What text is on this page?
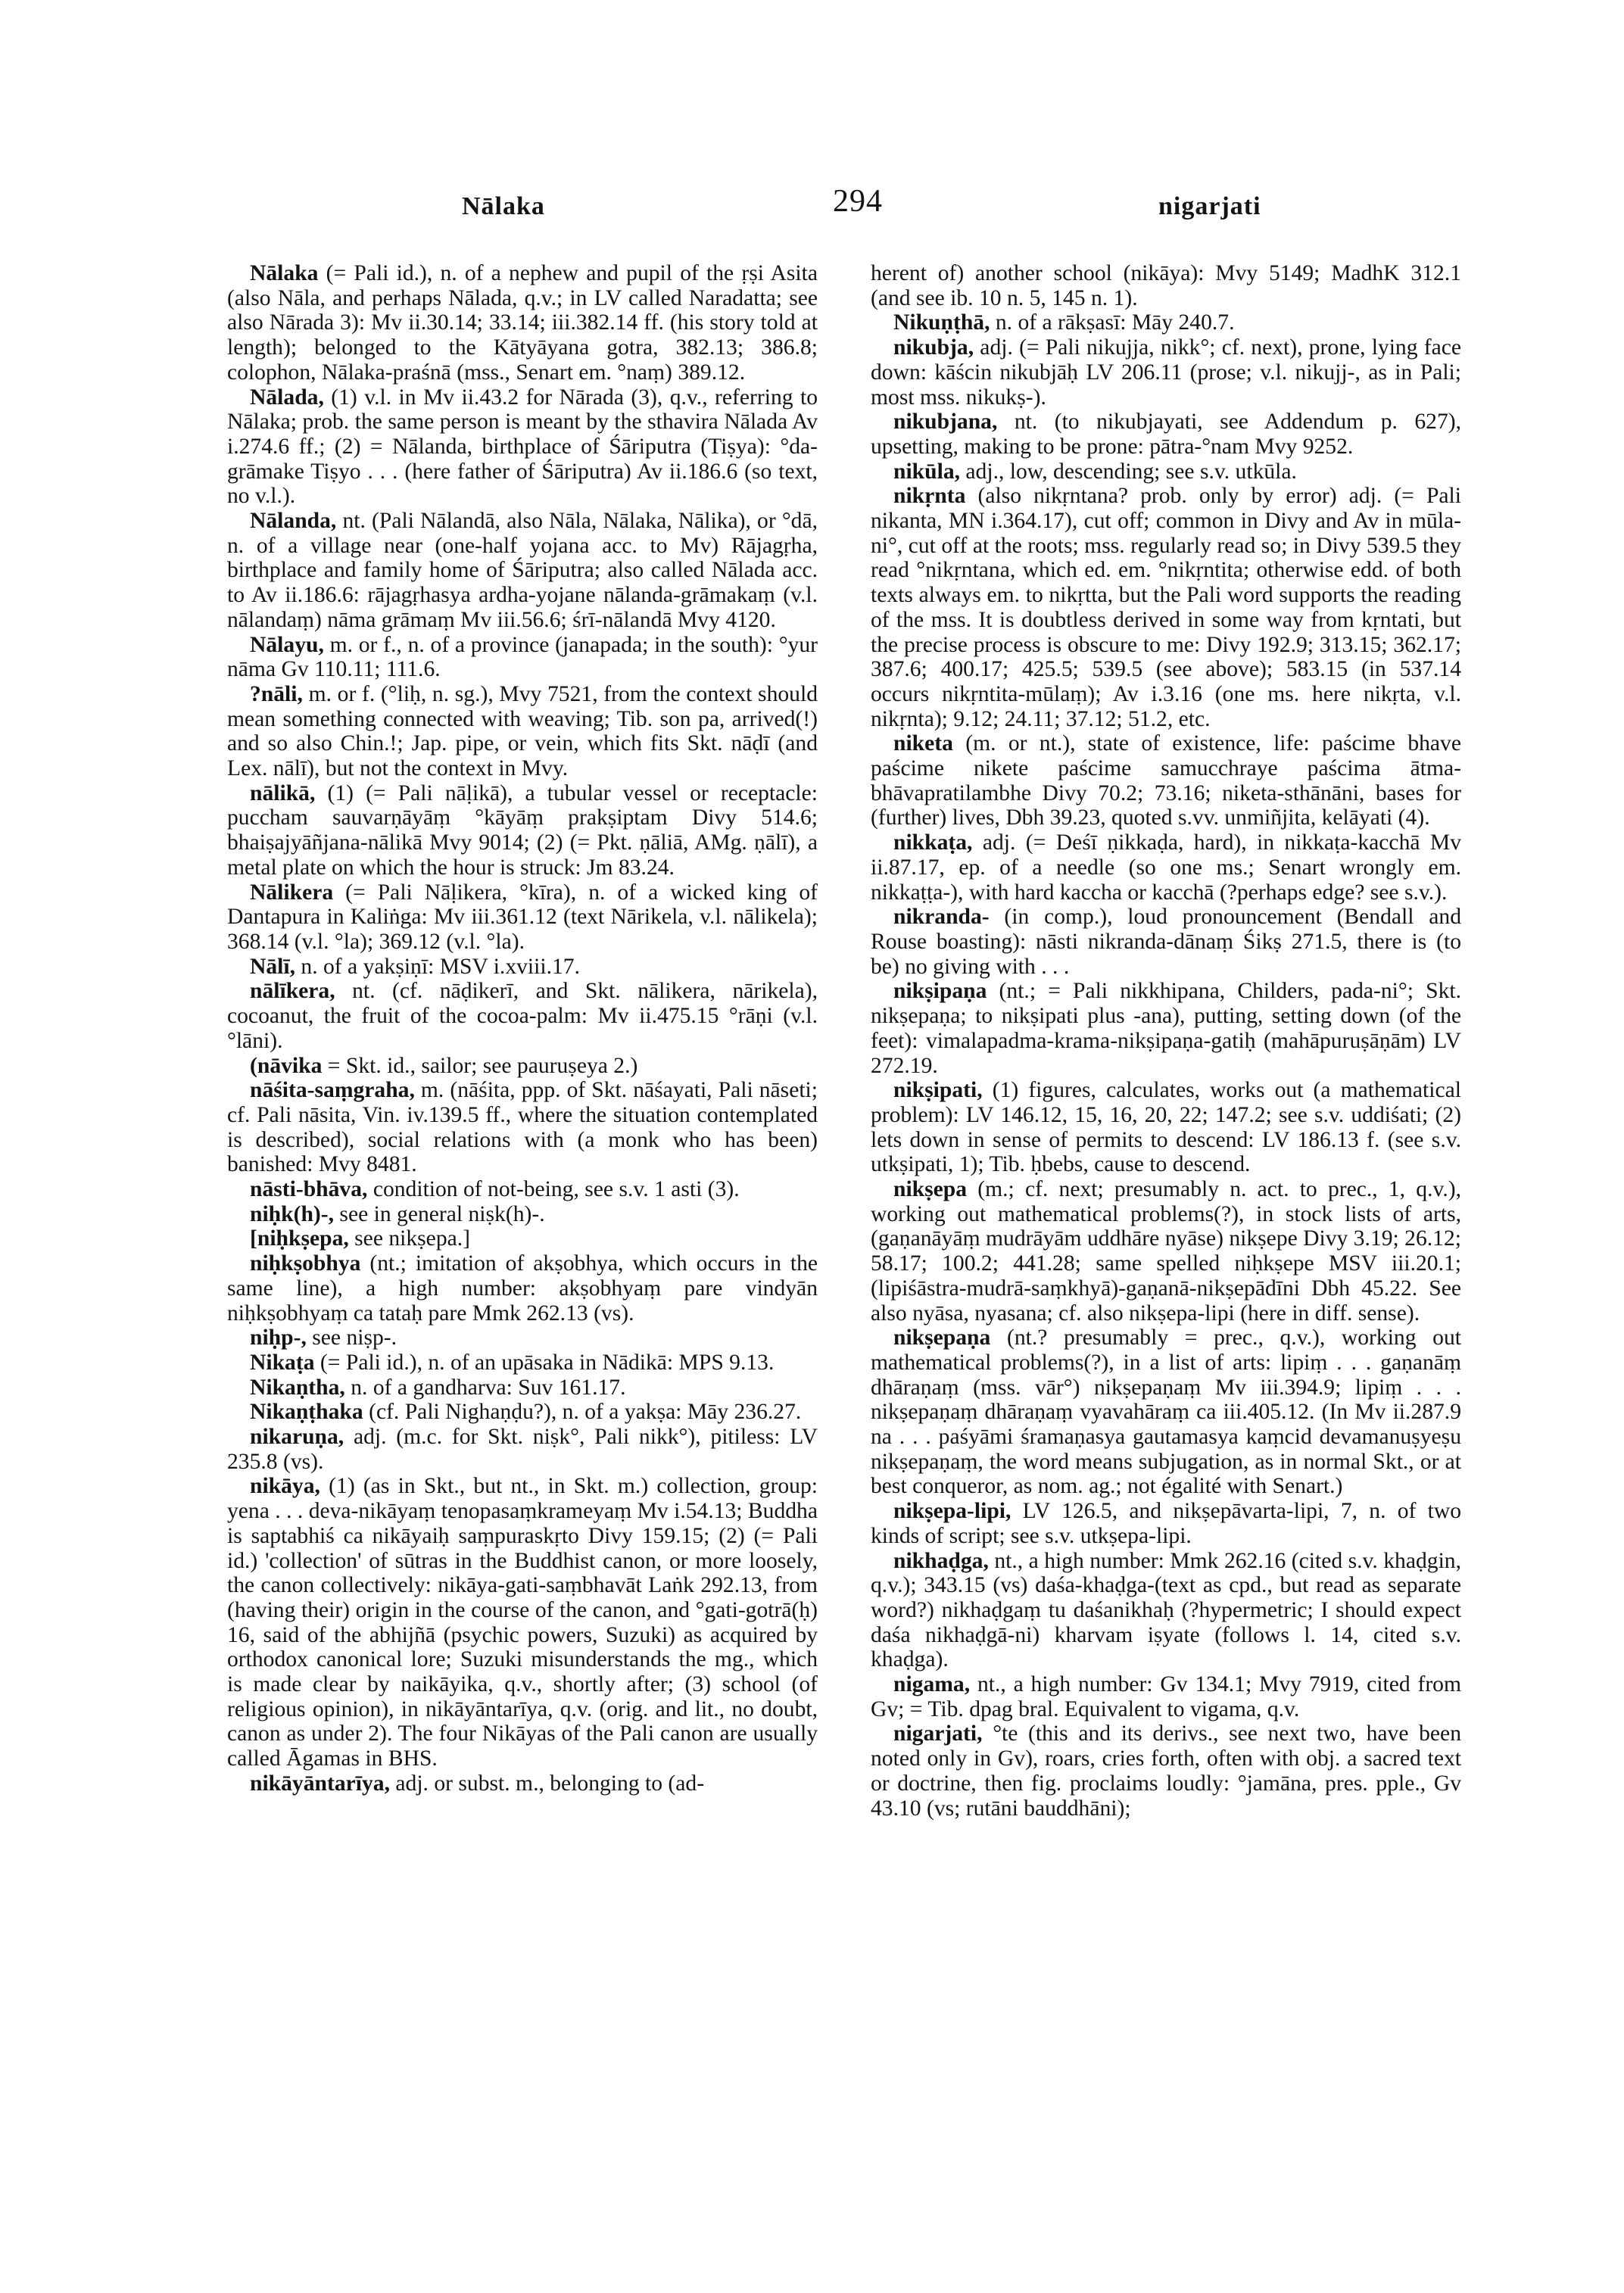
Nālaka	294	nigarjati

Nālaka (= Pali id.), n. of a nephew and pupil of the ṛṣi Asita (also Nāla, and perhaps Nālada, q.v.; in LV called Naradatta; see also Nārada 3): Mv ii.30.14; 33.14; iii.382.14 ff. (his story told at length); belonged to the Kātyāyana gotra, 382.13; 386.8; colophon, Nālaka-praśnā (mss., Senart em. °naṃ) 389.12.

Nālada, (1) v.l. in Mv ii.43.2 for Nārada (3), q.v., referring to Nālaka; prob. the same person is meant by the sthavira Nālada Av i.274.6 ff.; (2) = Nālanda, birthplace of Śāriputra (Tiṣya): °da-grāmake Tiṣyo . . . (here father of Śāriputra) Av ii.186.6 (so text, no v.l.).

Nālanda, nt. (Pali Nālandā, also Nāla, Nālaka, Nālika), or °dā, n. of a village near (one-half yojana acc. to Mv) Rājagṛha, birthplace and family home of Śāriputra; also called Nālada acc. to Av ii.186.6: rājagṛhasya ardha-yojane nālanda-grāmakaṃ (v.l. nālandaṃ) nāma grāmaṃ Mv iii.56.6; śrī-nālandā Mvy 4120.

Nālayu, m. or f., n. of a province (janapada; in the south): °yur nāma Gv 110.11; 111.6.

?nāli, m. or f. (°liḥ, n. sg.), Mvy 7521, from the context should mean something connected with weaving; Tib. son pa, arrived(!) and so also Chin.!; Jap. pipe, or vein, which fits Skt. nāḍī (and Lex. nālī), but not the context in Mvy.

nālikā, (1) (= Pali nāḷikā), a tubular vessel or receptacle: puccham sauvarṇāyāṃ °kāyāṃ prakṣiptam Divy 514.6; bhaiṣajyāñjana-nālikā Mvy 9014; (2) (= Pkt. ṇāliā, AMg. ṇālī), a metal plate on which the hour is struck: Jm 83.24.

Nālikera (= Pali Nāḷikera, °kīra), n. of a wicked king of Dantapura in Kaliṅga: Mv iii.361.12 (text Nārikela, v.l. nālikela); 368.14 (v.l. °la); 369.12 (v.l. °la).

Nālī, n. of a yakṣiṇī: MSV i.xviii.17.

nālīkera, nt. (cf. nāḍikerī, and Skt. nālikera, nārikela), cocoanut, the fruit of the cocoa-palm: Mv ii.475.15 °rāṇi (v.l. °lāni).

(nāvika = Skt. id., sailor; see pauruṣeya 2.)

nāśita-saṃgraha, m. (nāśita, ppp. of Skt. nāśayati, Pali nāseti; cf. Pali nāsita, Vin. iv.139.5 ff., where the situation contemplated is described), social relations with (a monk who has been) banished: Mvy 8481.

nāsti-bhāva, condition of not-being, see s.v. 1 asti (3).

niḥk(h)-, see in general niṣk(h)-.

[niḥkṣepa, see nikṣepa.]

niḥkṣobhya (nt.; imitation of akṣobhya, which occurs in the same line), a high number: akṣobhyaṃ pare vindyān niḥkṣobhyaṃ ca tataḥ pare Mmk 262.13 (vs).

niḥp-, see niṣp-.

Nikaṭa (= Pali id.), n. of an upāsaka in Nādikā: MPS 9.13.

Nikaṇtha, n. of a gandharva: Suv 161.17.

Nikaṇṭhaka (cf. Pali Nighaṇḍu?), n. of a yakṣa: Māy 236.27.

nikaruṇa, adj. (m.c. for Skt. niṣk°, Pali nikk°), pitiless: LV 235.8 (vs).

nikāya, (1) (as in Skt., but nt., in Skt. m.) collection, group: yena . . . deva-nikāyaṃ tenopasaṃkrameyaṃ Mv i.54.13; Buddha is saptabhiś ca nikāyaiḥ saṃpuraskṛto Divy 159.15; (2) (= Pali id.) 'collection' of sūtras in the Buddhist canon, or more loosely, the canon collectively: nikāya-gati-saṃbhavāt Laṅk 292.13, from (having their) origin in the course of the canon, and °gati-gotrā(ḥ) 16, said of the abhijñā (psychic powers, Suzuki) as acquired by orthodox canonical lore; Suzuki misunderstands the mg., which is made clear by naikāyika, q.v., shortly after; (3) school (of religious opinion), in nikāyāntarīya, q.v. (orig. and lit., no doubt, canon as under 2). The four Nikāyas of the Pali canon are usually called Āgamas in BHS.

nikāyāntarīya, adj. or subst. m., belonging to (ad-

herent of) another school (nikāya): Mvy 5149; MadhK 312.1 (and see ib. 10 n. 5, 145 n. 1).

Nikuṇṭhā, n. of a rākṣasī: Māy 240.7.

nikubja, adj. (= Pali nikujja, nikk°; cf. next), prone, lying face down: kāścin nikubjāḥ LV 206.11 (prose; v.l. nikujj-, as in Pali; most mss. nikukṣ-).

nikubjana, nt. (to nikubjayati, see Addendum p. 627), upsetting, making to be prone: pātra-°nam Mvy 9252.

nikūla, adj., low, descending; see s.v. utkūla.

nikṛnta (also nikṛntana? prob. only by error) adj. (= Pali nikanta, MN i.364.17), cut off; common in Divy and Av in mūla-ni°, cut off at the roots; mss. regularly read so; in Divy 539.5 they read °nikṛntana, which ed. em. °nikṛntita; otherwise edd. of both texts always em. to nikṛtta, but the Pali word supports the reading of the mss. It is doubtless derived in some way from kṛntati, but the precise process is obscure to me: Divy 192.9; 313.15; 362.17; 387.6; 400.17; 425.5; 539.5 (see above); 583.15 (in 537.14 occurs nikṛntita-mūlaṃ); Av i.3.16 (one ms. here nikṛta, v.l. nikṛnta); 9.12; 24.11; 37.12; 51.2, etc.

niketa (m. or nt.), state of existence, life: paścime bhave paścime nikete paścime samucchraye paścima ātma-bhāvapratilambhe Divy 70.2; 73.16; niketa-sthānāni, bases for (further) lives, Dbh 39.23, quoted s.vv. unmiñjita, kelāyati (4).

nikkaṭa, adj. (= Deśī ṇikkaḍa, hard), in nikkaṭa-kacchā Mv ii.87.17, ep. of a needle (so one ms.; Senart wrongly em. nikkaṭṭa-), with hard kaccha or kacchā (?perhaps edge? see s.v.).

nikranda- (in comp.), loud pronouncement (Bendall and Rouse boasting): nāsti nikranda-dānaṃ Śikṣ 271.5, there is (to be) no giving with . . .

nikṣipaṇa (nt.; = Pali nikkhipana, Childers, pada-ni°; Skt. nikṣepaṇa; to nikṣipati plus -ana), putting, setting down (of the feet): vimalapadma-krama-nikṣipaṇa-gatiḥ (mahāpuruṣāṇām) LV 272.19.

nikṣipati, (1) figures, calculates, works out (a mathematical problem): LV 146.12, 15, 16, 20, 22; 147.2; see s.v. uddiśati; (2) lets down in sense of permits to descend: LV 186.13 f. (see s.v. utkṣipati, 1); Tib. ḥbebs, cause to descend.

nikṣepa (m.; cf. next; presumably n. act. to prec., 1, q.v.), working out mathematical problems(?), in stock lists of arts, (gaṇanāyāṃ mudrāyām uddhāre nyāse) nikṣepe Divy 3.19; 26.12; 58.17; 100.2; 441.28; same spelled niḥkṣepe MSV iii.20.1; (lipiśāstra-mudrā-saṃkhyā)-gaṇanā-nikṣepādīni Dbh 45.22. See also nyāsa, nyasana; cf. also nikṣepa-lipi (here in diff. sense).

nikṣepaṇa (nt.? presumably = prec., q.v.), working out mathematical problems(?), in a list of arts: lipiṃ . . . gaṇanāṃ dhāraṇaṃ (mss. vār°) nikṣepaṇaṃ Mv iii.394.9; lipiṃ . . . nikṣepaṇaṃ dhāraṇaṃ vyavahāraṃ ca iii.405.12. (In Mv ii.287.9 na . . . paśyāmi śramaṇasya gautamasya kaṃcid devamanuṣyeṣu nikṣepaṇaṃ, the word means subjugation, as in normal Skt., or at best conqueror, as nom. ag.; not égalité with Senart.)

nikṣepa-lipi, LV 126.5, and nikṣepāvarta-lipi, 7, n. of two kinds of script; see s.v. utkṣepa-lipi.

nikhaḍga, nt., a high number: Mmk 262.16 (cited s.v. khaḍgin, q.v.); 343.15 (vs) daśa-khaḍga-(text as cpd., but read as separate word?) nikhaḍgaṃ tu daśanikhaḥ (?hypermetric; I should expect daśa nikhaḍgā-ni) kharvam iṣyate (follows l. 14, cited s.v. khaḍga).

nigama, nt., a high number: Gv 134.1; Mvy 7919, cited from Gv; = Tib. dpag bral. Equivalent to vigama, q.v.

nigarjati, °te (this and its derivs., see next two, have been noted only in Gv), roars, cries forth, often with obj. a sacred text or doctrine, then fig. proclaims loudly: °jamāna, pres. pple., Gv 43.10 (vs; rutāni bauddhāni);
